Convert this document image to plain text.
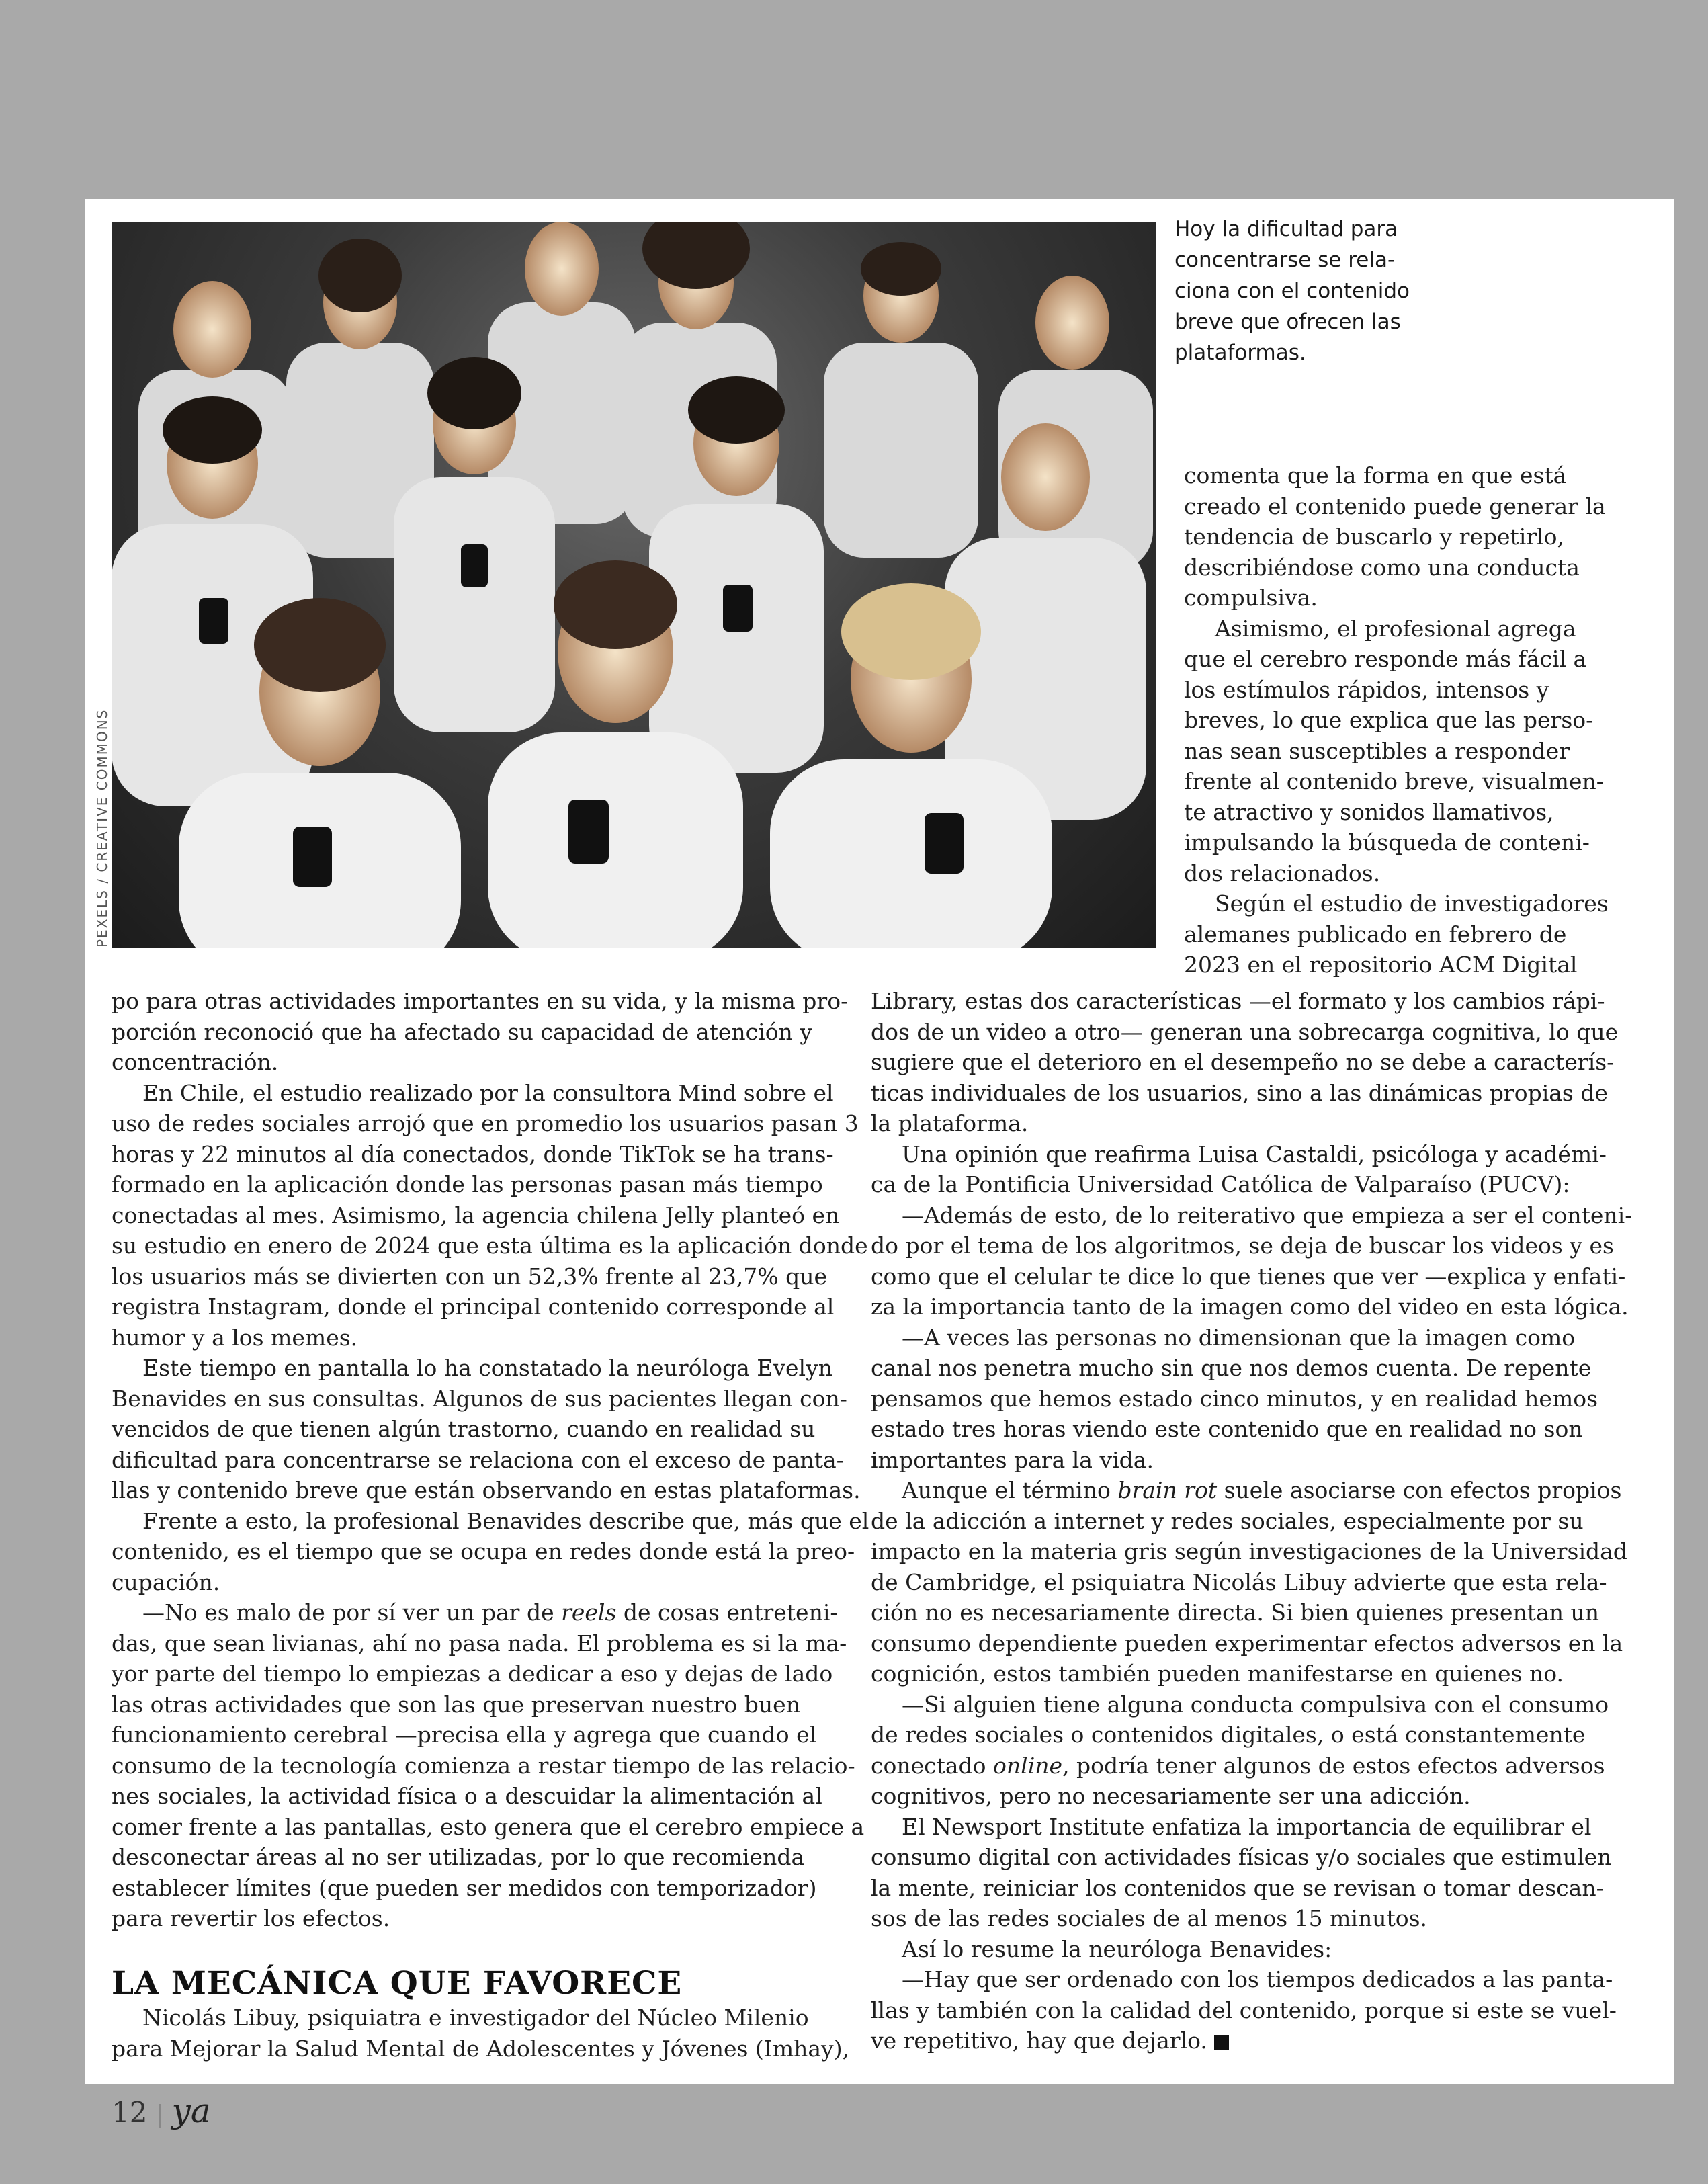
PEXELS / CREATIVE COMMONS
Hoy la dificultad para
concentrarse se rela-
ciona con el contenido
breve que ofrecen las
plataformas.
comenta que la forma en que está
creado el contenido puede generar la
tendencia de buscarlo y repetirlo,
describiéndose como una conducta
compulsiva.
Asimismo, el profesional agrega
que el cerebro responde más fácil a
los estímulos rápidos, intensos y
breves, lo que explica que las perso-
nas sean susceptibles a responder
frente al contenido breve, visualmen-
te atractivo y sonidos llamativos,
impulsando la búsqueda de conteni-
dos relacionados.
Según el estudio de investigadores
alemanes publicado en febrero de
2023 en el repositorio ACM Digital
po para otras actividades importantes en su vida, y la misma pro-
porción reconoció que ha afectado su capacidad de atención y
concentración.
En Chile, el estudio realizado por la consultora Mind sobre el
uso de redes sociales arrojó que en promedio los usuarios pasan 3
horas y 22 minutos al día conectados, donde TikTok se ha trans-
formado en la aplicación donde las personas pasan más tiempo
conectadas al mes. Asimismo, la agencia chilena Jelly planteó en
su estudio en enero de 2024 que esta última es la aplicación donde
los usuarios más se divierten con un 52,3% frente al 23,7% que
registra Instagram, donde el principal contenido corresponde al
humor y a los memes.
Este tiempo en pantalla lo ha constatado la neuróloga Evelyn
Benavides en sus consultas. Algunos de sus pacientes llegan con-
vencidos de que tienen algún trastorno, cuando en realidad su
dificultad para concentrarse se relaciona con el exceso de panta-
llas y contenido breve que están observando en estas plataformas.
Frente a esto, la profesional Benavides describe que, más que el
contenido, es el tiempo que se ocupa en redes donde está la preo-
cupación.
—No es malo de por sí ver un par de reels de cosas entreteni-
das, que sean livianas, ahí no pasa nada. El problema es si la ma-
yor parte del tiempo lo empiezas a dedicar a eso y dejas de lado
las otras actividades que son las que preservan nuestro buen
funcionamiento cerebral —precisa ella y agrega que cuando el
consumo de la tecnología comienza a restar tiempo de las relacio-
nes sociales, la actividad física o a descuidar la alimentación al
comer frente a las pantallas, esto genera que el cerebro empiece a
desconectar áreas al no ser utilizadas, por lo que recomienda
establecer límites (que pueden ser medidos con temporizador)
para revertir los efectos.
LA MECÁNICA QUE FAVORECE
Nicolás Libuy, psiquiatra e investigador del Núcleo Milenio
para Mejorar la Salud Mental de Adolescentes y Jóvenes (Imhay),
Library, estas dos características —el formato y los cambios rápi-
dos de un video a otro— generan una sobrecarga cognitiva, lo que
sugiere que el deterioro en el desempeño no se debe a caracterís-
ticas individuales de los usuarios, sino a las dinámicas propias de
la plataforma.
Una opinión que reafirma Luisa Castaldi, psicóloga y académi-
ca de la Pontificia Universidad Católica de Valparaíso (PUCV):
—Además de esto, de lo reiterativo que empieza a ser el conteni-
do por el tema de los algoritmos, se deja de buscar los videos y es
como que el celular te dice lo que tienes que ver —explica y enfati-
za la importancia tanto de la imagen como del video en esta lógica.
—A veces las personas no dimensionan que la imagen como
canal nos penetra mucho sin que nos demos cuenta. De repente
pensamos que hemos estado cinco minutos, y en realidad hemos
estado tres horas viendo este contenido que en realidad no son
importantes para la vida.
Aunque el término brain rot suele asociarse con efectos propios
de la adicción a internet y redes sociales, especialmente por su
impacto en la materia gris según investigaciones de la Universidad
de Cambridge, el psiquiatra Nicolás Libuy advierte que esta rela-
ción no es necesariamente directa. Si bien quienes presentan un
consumo dependiente pueden experimentar efectos adversos en la
cognición, estos también pueden manifestarse en quienes no.
—Si alguien tiene alguna conducta compulsiva con el consumo
de redes sociales o contenidos digitales, o está constantemente
conectado online, podría tener algunos de estos efectos adversos
cognitivos, pero no necesariamente ser una adicción.
El Newsport Institute enfatiza la importancia de equilibrar el
consumo digital con actividades físicas y/o sociales que estimulen
la mente, reiniciar los contenidos que se revisan o tomar descan-
sos de las redes sociales de al menos 15 minutos.
Así lo resume la neuróloga Benavides:
—Hay que ser ordenado con los tiempos dedicados a las panta-
llas y también con la calidad del contenido, porque si este se vuel-
ve repetitivo, hay que dejarlo.
12 | ya
